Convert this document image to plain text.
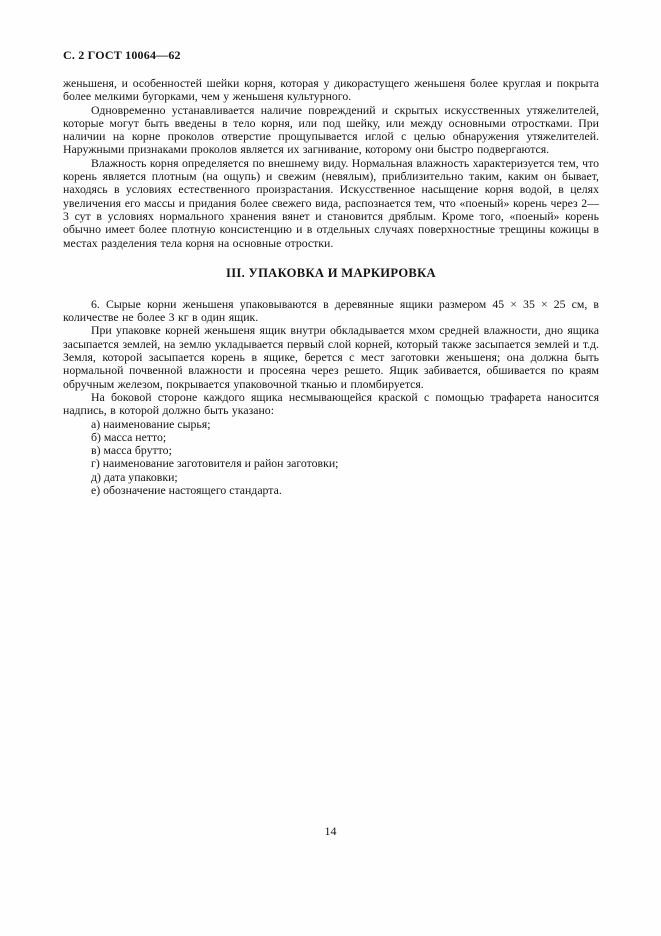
С. 2 ГОСТ 10064—62

женьшеня, и особенностей шейки корня, которая у дикорастущего женьшеня более круглая и покрыта более мелкими бугорками, чем у женьшеня культурного.

Одновременно устанавливается наличие повреждений и скрытых искусственных утяжелителей, которые могут быть введены в тело корня, или под шейку, или между основными отростками. При наличии на корне проколов отверстие прощупывается иглой с целью обнаружения утяжелителей. Наружными признаками проколов является их загнивание, которому они быстро подвергаются.

Влажность корня определяется по внешнему виду. Нормальная влажность характеризуется тем, что корень является плотным (на ощупь) и свежим (невялым), приблизительно таким, каким он бывает, находясь в условиях естественного произрастания. Искусственное насыщение корня водой, в целях увеличения его массы и придания более свежего вида, распознается тем, что «поеный» корень через 2—3 сут в условиях нормального хранения вянет и становится дряблым. Кроме того, «поеный» корень обычно имеет более плотную консистенцию и в отдельных случаях поверхностные трещины кожицы в местах разделения тела корня на основные отростки.

III. УПАКОВКА И МАРКИРОВКА

6. Сырые корни женьшеня упаковываются в деревянные ящики размером 45 × 35 × 25 см, в количестве не более 3 кг в один ящик.

При упаковке корней женьшеня ящик внутри обкладывается мхом средней влажности, дно ящика засыпается землей, на землю укладывается первый слой корней, который также засыпается землей и т.д. Земля, которой засыпается корень в ящике, берется с мест заготовки женьшеня; она должна быть нормальной почвенной влажности и просеяна через решето. Ящик забивается, обшивается по краям обручным железом, покрывается упаковочной тканью и пломбируется.

На боковой стороне каждого ящика несмывающейся краской с помощью трафарета наносится надпись, в которой должно быть указано:

а) наименование сырья;
б) масса нетто;
в) масса брутто;
г) наименование заготовителя и район заготовки;
д) дата упаковки;
е) обозначение настоящего стандарта.
14
